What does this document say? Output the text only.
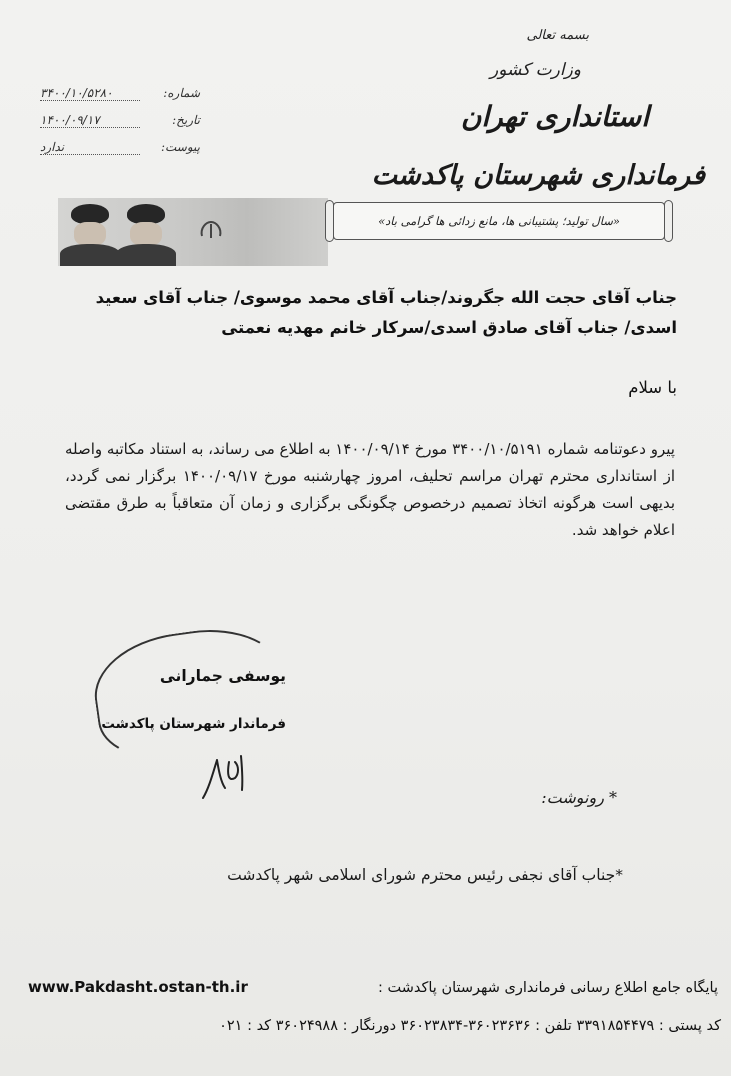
شماره:
۳۴۰۰/۱۰/۵۲۸۰
تاریخ:
۱۴۰۰/۰۹/۱۷
پیوست:
ندارد
بسمه تعالی
وزارت کشور
استانداری تهران
فرمانداری شهرستان پاکدشت
«سال تولید؛ پشتیبانی ها، مانع زدائی ها گرامی باد»
جناب آقای حجت الله جگروند/جناب آقای محمد موسوی/ جناب آقای سعید
اسدی/ جناب آقای صادق اسدی/سرکار خانم مهدیه نعمتی
با سلام
پیرو دعوتنامه شماره ۳۴۰۰/۱۰/۵۱۹۱ مورخ ۱۴۰۰/۰۹/۱۴ به اطلاع می رساند، به استناد مکاتبه واصله از استانداری محترم تهران مراسم تحلیف، امروز چهارشنبه مورخ ۱۴۰۰/۰۹/۱۷ برگزار نمی گردد، بدیهی است هرگونه اتخاذ تصمیم درخصوص چگونگی برگزاری و زمان آن متعاقباً به طرق مقتضی اعلام خواهد شد.
یوسفی جمارانی
فرماندار شهرستان پاکدشت
* رونوشت:
*جناب آقای نجفی رئیس محترم شورای اسلامی شهر پاکدشت
www.Pakdasht.ostan-th.ir	پایگاه جامع اطلاع رسانی فرمانداری شهرستان پاکدشت :
کد پستی : ۳۳۹۱۸۵۴۴۷۹ تلفن : ۳۶۰۲۳۶۳۶-۳۶۰۲۳۸۳۴ دورنگار : ۳۶۰۲۴۹۸۸ کد : ۰۲۱
